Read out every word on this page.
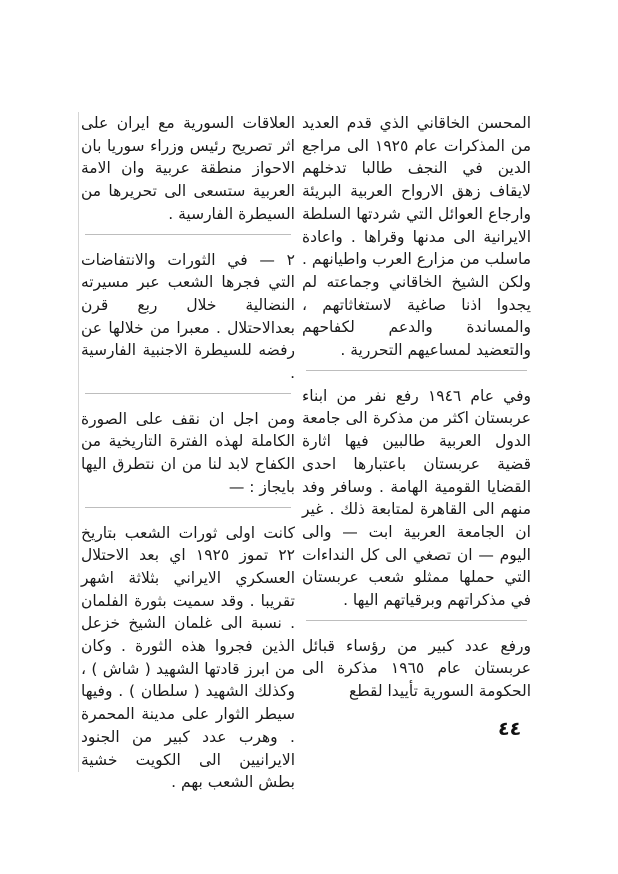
المحسن الخاقاني الذي قدم العديد من المذكرات عام ١٩٢٥ الى مراجع الدين في النجف طالبا تدخلهم لايقاف زهق الارواح العربية البريئة وارجاع العوائل التي شردتها السلطة الايرانية الى مدنها وقراها . واعادة ماسلب من مزارع العرب واطيانهم . ولكن الشيخ الخاقاني وجماعته لم يجدوا اذنا صاغية لاستغاثاتهم ، والمساندة والدعم لكفاحهم والتعضيد لمساعيهم التحررية .

وفي عام ١٩٤٦ رفع نفر من ابناء عربستان اكثر من مذكرة الى جامعة الدول العربية طالبين فيها اثارة قضية عربستان باعتبارها احدى القضايا القومية الهامة . وسافر وفد منهم الى القاهرة لمتابعة ذلك . غير ان الجامعة العربية ابت — والى اليوم — ان تصغي الى كل النداءات التي حملها ممثلو شعب عربستان في مذكراتهم وبرقياتهم اليها .

ورفع عدد كبير من رؤساء قبائل عربستان عام ١٩٦٥ مذكرة الى الحكومة السورية تأييدا لقطع

العلاقات السورية مع ايران على اثر تصريح رئيس وزراء سوريا بان الاحواز منطقة عربية وان الامة العربية ستسعى الى تحريرها من السيطرة الفارسية .

٢ — في الثورات والانتفاضات التي فجرها الشعب عبر مسيرته النضالية خلال ربع قرن بعدالاحتلال . معبرا من خلالها عن رفضه للسيطرة الاجنبية الفارسية .

ومن اجل ان نقف على الصورة الكاملة لهذه الفترة التاريخية من الكفاح لابد لنا من ان نتطرق اليها بايجاز : —

كانت اولى ثورات الشعب بتاريخ ٢٢ تموز ١٩٢٥ اي بعد الاحتلال العسكري الايراني بثلاثة اشهر تقريبا . وقد سميت بثورة الفلمان . نسبة الى غلمان الشيخ خزعل الذين فجروا هذه الثورة . وكان من ابرز قادتها الشهيد ( شاش ) ، وكذلك الشهيد ( سلطان ) . وفيها سيطر الثوار على مدينة المحمرة . وهرب عدد كبير من الجنود الايرانيين الى الكويت خشية بطش الشعب بهم .

٤٤
